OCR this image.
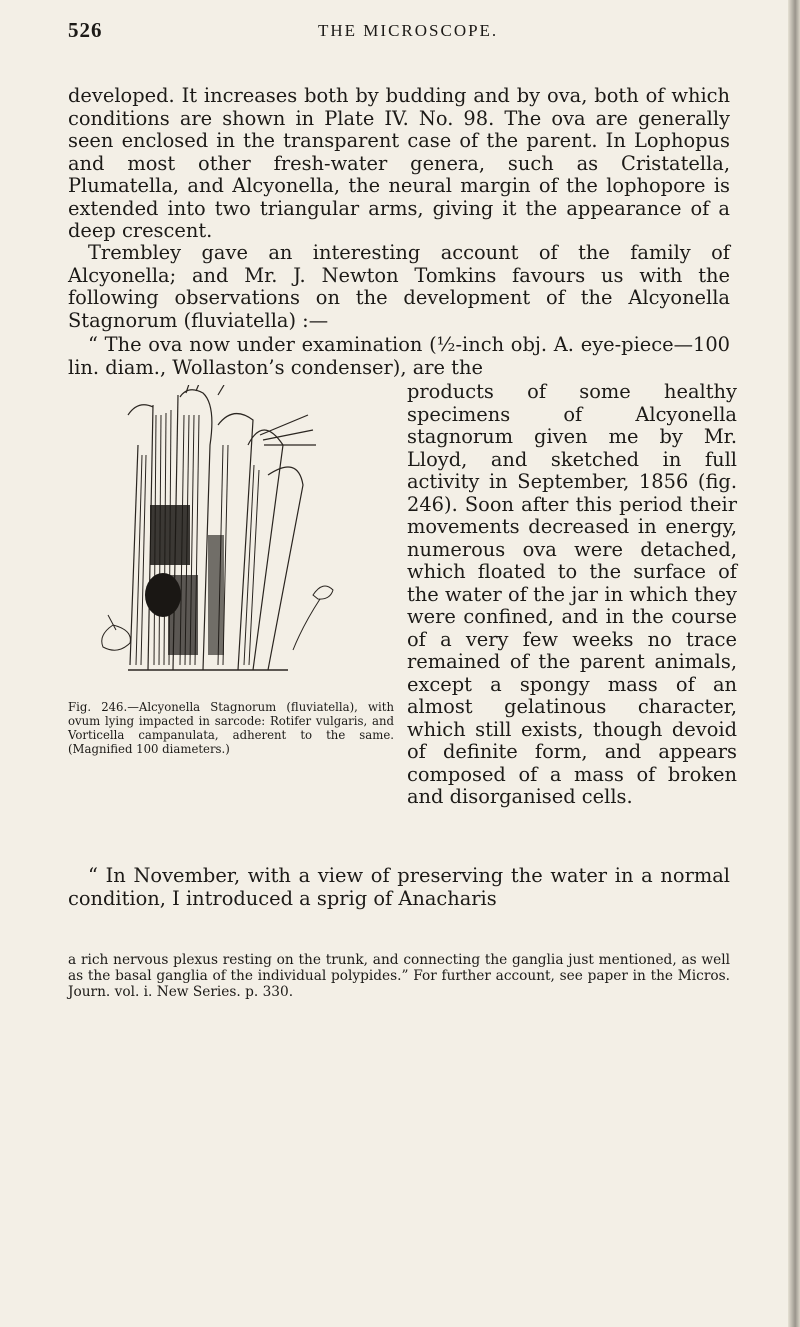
526	THE MICROSCOPE.

developed. It increases both by budding and by ova, both of which conditions are shown in Plate IV. No. 98. The ova are generally seen enclosed in the transparent case of the parent. In Lophopus and most other fresh-water genera, such as Cristatella, Plumatella, and Alcyonella, the neural margin of the lophopore is extended into two triangular arms, giving it the appearance of a deep crescent.

Trembley gave an interesting account of the family of Alcyonella; and Mr. J. Newton Tomkins favours us with the following observations on the development of the Alcyonella Stagnorum (fluviatella) :—

“ The ova now under examination (½-inch obj. A. eye-piece—100 lin. diam., Wollaston’s condenser), are the

products of some healthy specimens of Alcyonella stagnorum given me by Mr. Lloyd, and sketched in full activity in September, 1856 (fig. 246). Soon after this period their movements decreased in energy, numerous ova were detached, which floated to the surface of the water of the jar in which they were confined, and in the course of a very few weeks no trace remained of the parent animals, except a spongy mass of an almost gelatinous character, which still exists, though devoid of definite form, and appears composed of a mass of broken and disorganised cells.

Fig. 246.—Alcyonella Stagnorum (fluviatella), with ovum lying impacted in sarcode: Rotifer vulgaris, and Vorticella campanulata, adherent to the same. (Magnified 100 diameters.)

“ In November, with a view of preserving the water in a normal condition, I introduced a sprig of Anacharis

a rich nervous plexus resting on the trunk, and connecting the ganglia just mentioned, as well as the basal ganglia of the individual polypides.” For further account, see paper in the Micros. Journ. vol. i. New Series. p. 330.
